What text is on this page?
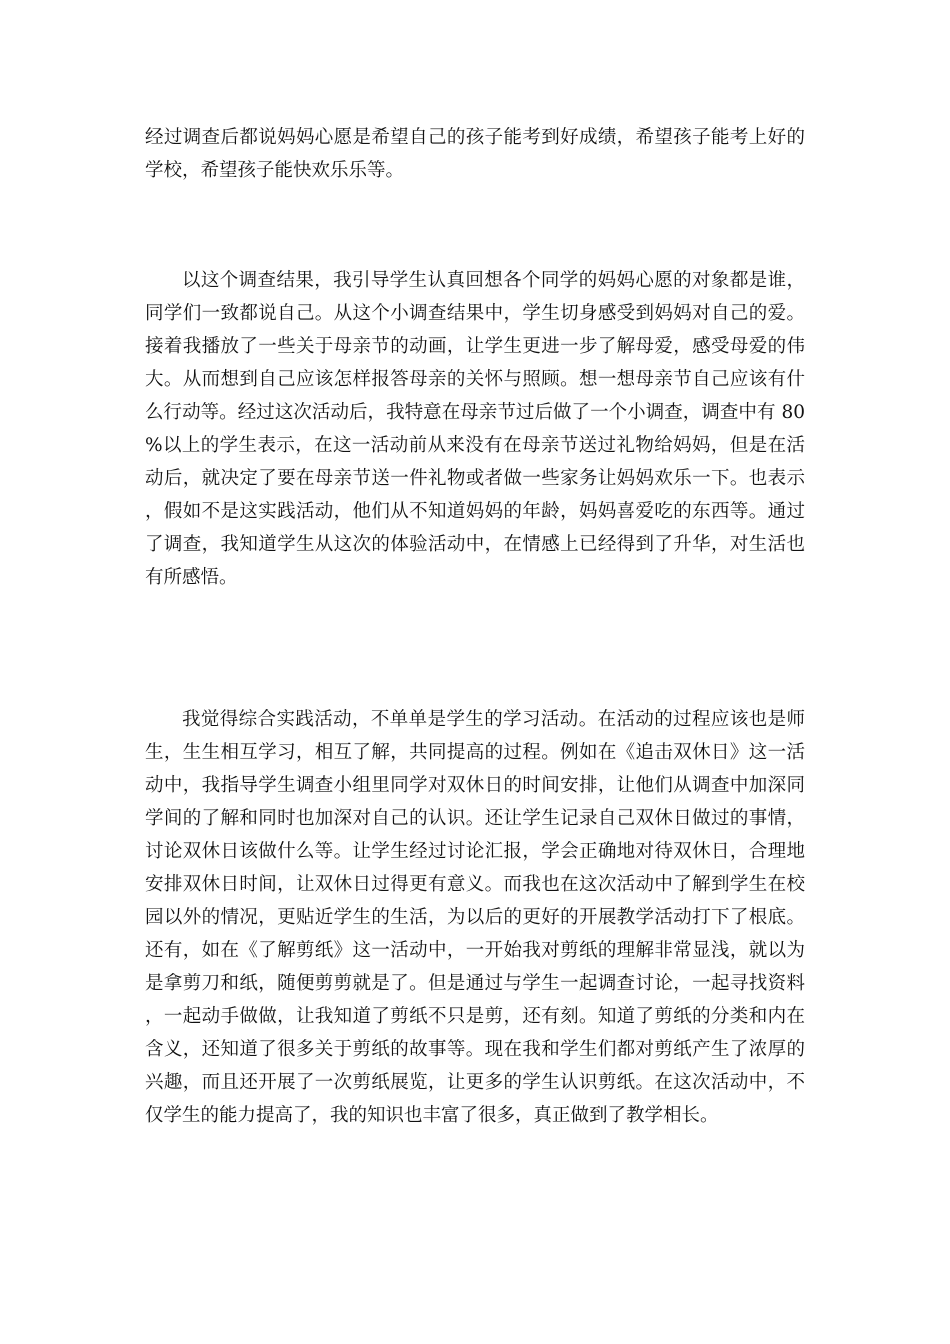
经过调查后都说妈妈心愿是希望自己的孩子能考到好成绩，希望孩子能考上好的学校，希望孩子能快欢乐乐等。

以这个调查结果，我引导学生认真回想各个同学的妈妈心愿的对象都是谁，同学们一致都说自己。从这个小调查结果中，学生切身感受到妈妈对自己的爱。接着我播放了一些关于母亲节的动画，让学生更进一步了解母爱，感受母爱的伟大。从而想到自己应该怎样报答母亲的关怀与照顾。想一想母亲节自己应该有什么行动等。经过这次活动后，我特意在母亲节过后做了一个小调查，调查中有 80%以上的学生表示，在这一活动前从来没有在母亲节送过礼物给妈妈，但是在活动后，就决定了要在母亲节送一件礼物或者做一些家务让妈妈欢乐一下。也表示，假如不是这实践活动，他们从不知道妈妈的年龄，妈妈喜爱吃的东西等。通过了调查，我知道学生从这次的体验活动中，在情感上已经得到了升华，对生活也有所感悟。

我觉得综合实践活动，不单单是学生的学习活动。在活动的过程应该也是师生，生生相互学习，相互了解，共同提高的过程。例如在《追击双休日》这一活动中，我指导学生调查小组里同学对双休日的时间安排，让他们从调查中加深同学间的了解和同时也加深对自己的认识。还让学生记录自己双休日做过的事情，讨论双休日该做什么等。让学生经过讨论汇报，学会正确地对待双休日，合理地安排双休日时间，让双休日过得更有意义。而我也在这次活动中了解到学生在校园以外的情况，更贴近学生的生活，为以后的更好的开展教学活动打下了根底。还有，如在《了解剪纸》这一活动中，一开始我对剪纸的理解非常显浅，就以为是拿剪刀和纸，随便剪剪就是了。但是通过与学生一起调查讨论，一起寻找资料，一起动手做做，让我知道了剪纸不只是剪，还有刻。知道了剪纸的分类和内在含义，还知道了很多关于剪纸的故事等。现在我和学生们都对剪纸产生了浓厚的兴趣，而且还开展了一次剪纸展览，让更多的学生认识剪纸。在这次活动中，不仅学生的能力提高了，我的知识也丰富了很多，真正做到了教学相长。
